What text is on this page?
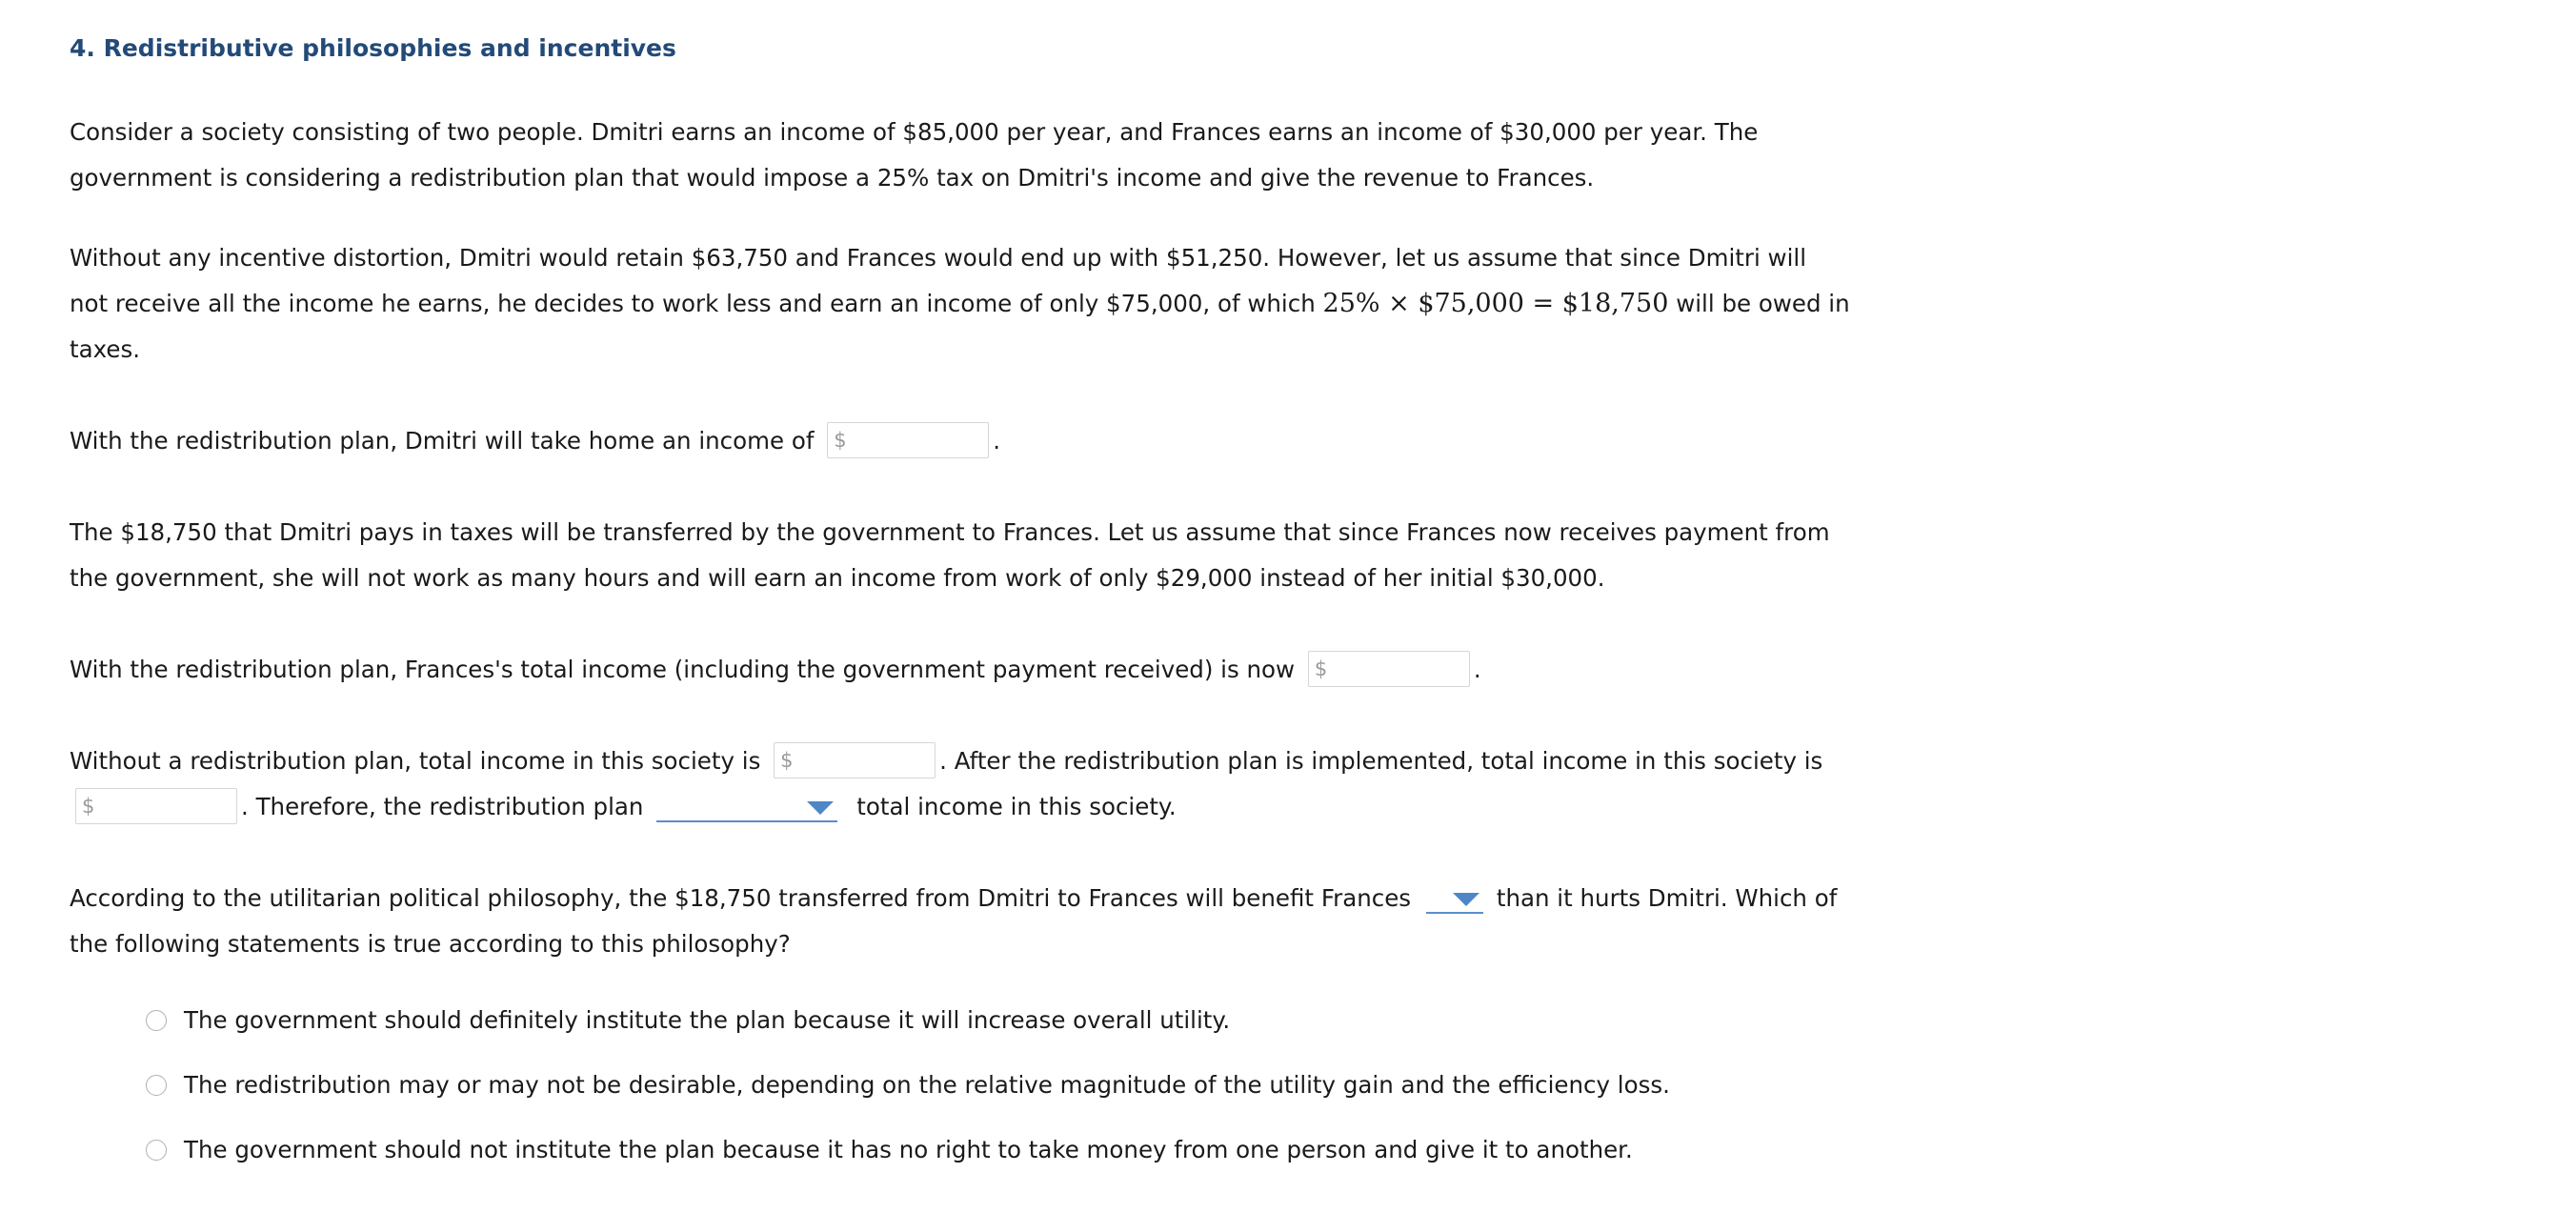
4. Redistributive philosophies and incentives
Consider a society consisting of two people. Dmitri earns an income of $85,000 per year, and Frances earns an income of $30,000 per year. The
government is considering a redistribution plan that would impose a 25% tax on Dmitri's income and give the revenue to Frances.
Without any incentive distortion, Dmitri would retain $63,750 and Frances would end up with $51,250. However, let us assume that since Dmitri will
not receive all the income he earns, he decides to work less and earn an income of only $75,000, of which 25% × $75,000 = $18,750 will be owed in
taxes.
With the redistribution plan, Dmitri will take home an income of $	.
The $18,750 that Dmitri pays in taxes will be transferred by the government to Frances. Let us assume that since Frances now receives payment from
the government, she will not work as many hours and will earn an income from work of only $29,000 instead of her initial $30,000.
With the redistribution plan, Frances's total income (including the government payment received) is now $	.
Without a redistribution plan, total income in this society is $	. After the redistribution plan is implemented, total income in this society is
$	. Therefore, the redistribution plan	total income in this society.
According to the utilitarian political philosophy, the $18,750 transferred from Dmitri to Frances will benefit Frances	than it hurts Dmitri. Which of
the following statements is true according to this philosophy?
The government should definitely institute the plan because it will increase overall utility.
The redistribution may or may not be desirable, depending on the relative magnitude of the utility gain and the efficiency loss.
The government should not institute the plan because it has no right to take money from one person and give it to another.
